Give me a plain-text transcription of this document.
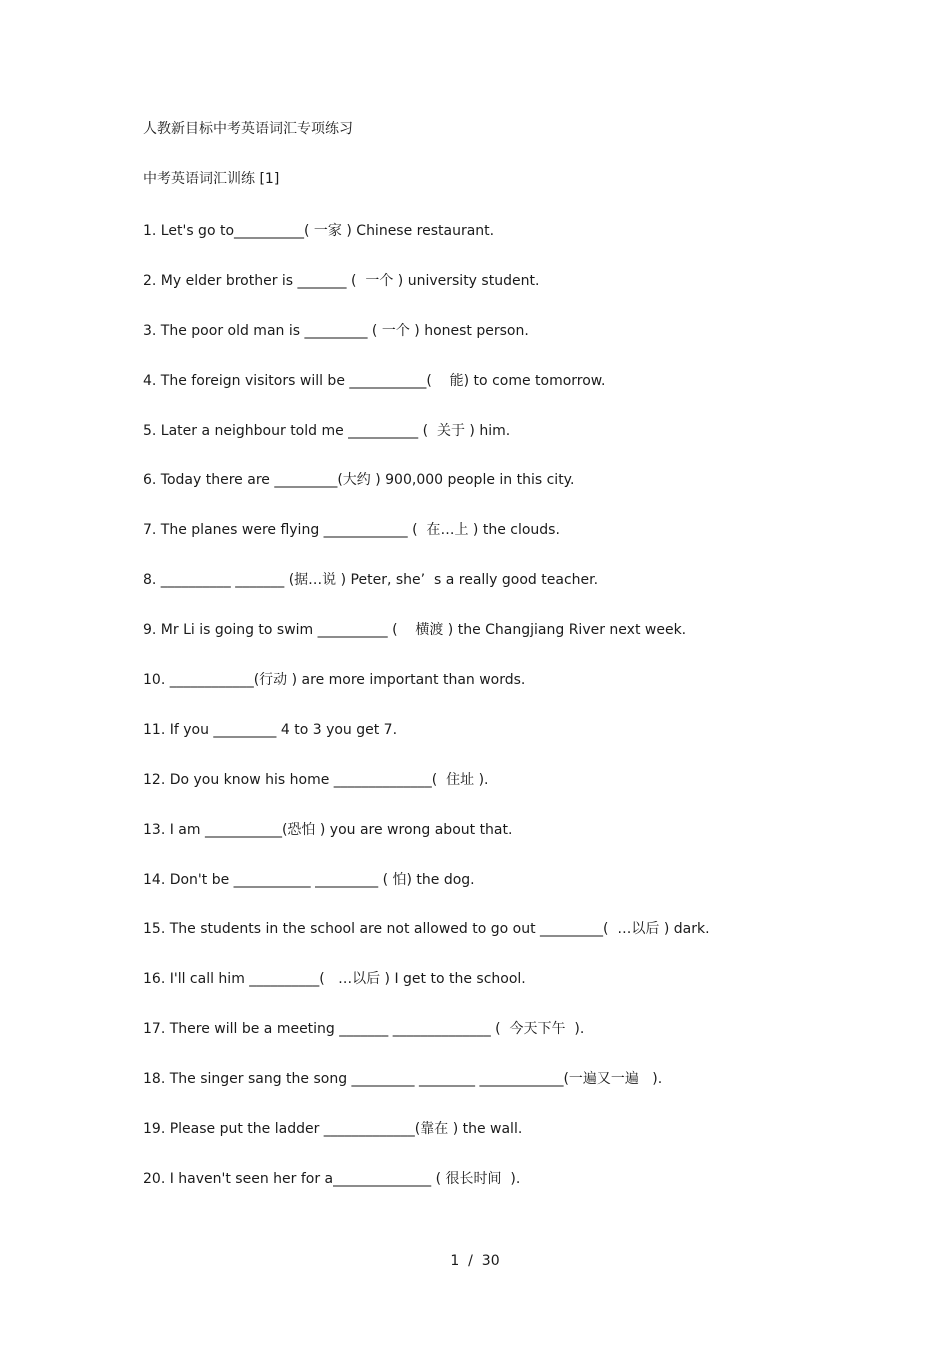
人教新目标中考英语词汇专项练习
中考英语词汇训练 [1]
1. Let's go to__________( 一家 ) Chinese restaurant.
2. My elder brother is _______ (  一个 ) university student.
3. The poor old man is _________ ( 一个 ) honest person.
4. The foreign visitors will be ___________(    能) to come tomorrow.
5. Later a neighbour told me __________ (  关于 ) him.
6. Today there are _________(大约 ) 900,000 people in this city.
7. The planes were flying ____________ (  在…上 ) the clouds.
8. __________ _______ (据…说 ) Peter, she’  s a really good teacher.
9. Mr Li is going to swim __________ (    横渡 ) the Changjiang River next week.
10. ____________(行动 ) are more important than words.
11. If you _________ 4 to 3 you get 7.
12. Do you know his home ______________(  住址 ).
13. I am ___________(恐怕 ) you are wrong about that.
14. Don't be ___________ _________ ( 怕) the dog.
15. The students in the school are not allowed to go out _________(  …以后 ) dark.
16. I'll call him __________(   …以后 ) I get to the school.
17. There will be a meeting _______ ______________ (  今天下午  ).
18. The singer sang the song _________ ________ ____________(一遍又一遍   ).
19. Please put the ladder _____________(靠在 ) the wall.
20. I haven't seen her for a______________ ( 很长时间  ).
1  /  30
